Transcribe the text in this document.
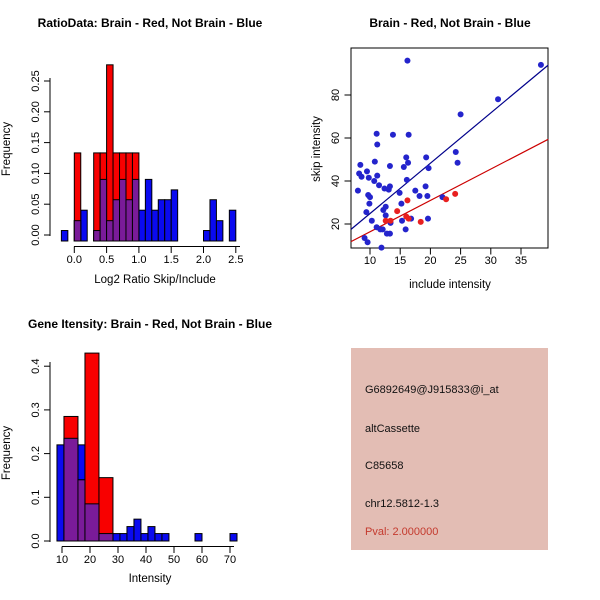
0.00
0.05
0.10
0.15
0.20
0.25
0.0 0.5 1.0 1.5 2.0 2.5	10 15 20 25 30 35
20
40
60
80
0.0
0.1
0.2
0.3
0.4
10 20 30 40 50 60 70
RatioData: Brain - Red, Not Brain - Blue
Log2 Ratio Skip/Include
Frequency
Brain - Red, Not Brain - Blue
include intensity
skip intensity
Gene Itensity: Brain - Red, Not Brain - Blue
Intensity
Frequency
G6892649@J915833@i_at
altCassette
C85658
chr12.5812-1.3
Pval: 2.000000
